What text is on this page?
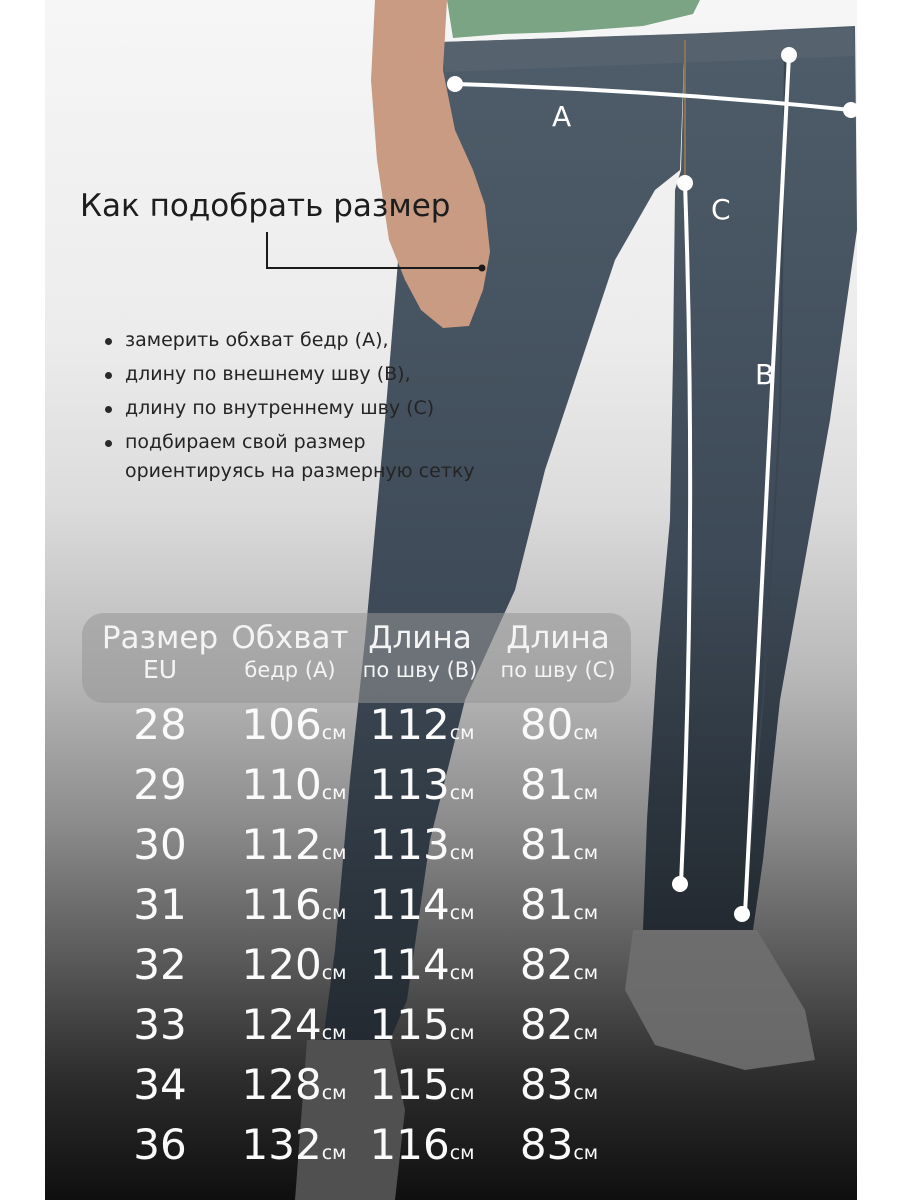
A
B
C
Как подобрать размер
замерить обхват бедр (A),
длину по внешнему шву (B),
длину по внутреннему шву (C)
подбираем свой размер
ориентируясь на размерную сетку
Размер
EU
Обхват
бедр (A)
Длина
по шву (B)
Длина
по шву (C)
28	106см 112см	80см
29	110см 113см	81см
30	112см 113см	81см
31	116см 114см	81см
32	120см 114см	82см
33	124см 115см	82см
34	128см 115см	83см
36	132см 116см	83см
